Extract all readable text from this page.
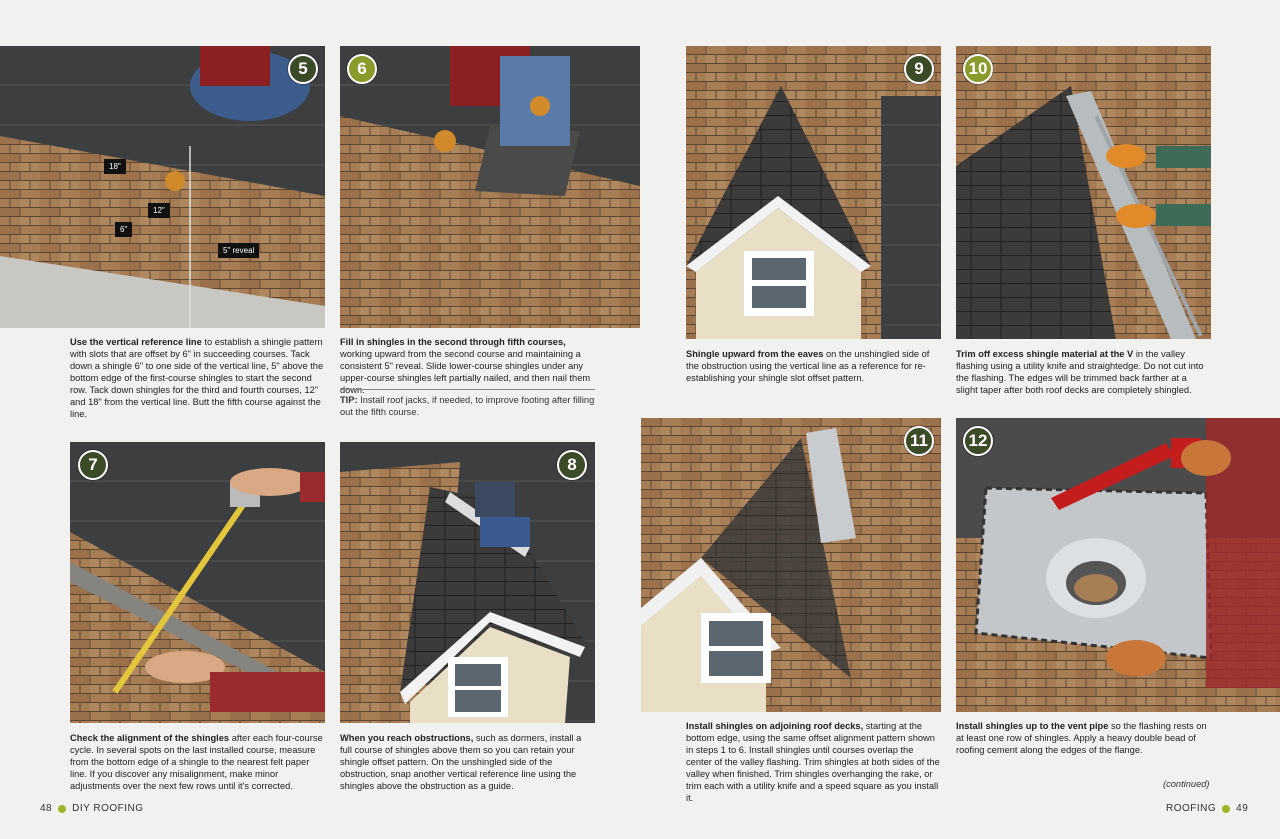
5
18"
12"
6"
5" reveal
6
Use the vertical reference line to establish a shingle pattern with slots that are offset by 6" in succeeding courses. Tack down a shingle 6" to one side of the vertical line, 5" above the bottom edge of the first-course shingles to start the second row. Tack down shingles for the third and fourth courses, 12" and 18" from the vertical line. Butt the fifth course against the line.
Fill in shingles in the second through fifth courses, working upward from the second course and maintaining a consistent 5" reveal. Slide lower-course shingles under any upper-course shingles left partially nailed, and then nail them down.
TIP: Install roof jacks, if needed, to improve footing after filling out the fifth course.
7	8
Check the alignment of the shingles after each four-course cycle. In several spots on the last installed course, measure from the bottom edge of a shingle to the nearest felt paper line. If you discover any misalignment, make minor adjustments over the next few rows until it's corrected.
When you reach obstructions, such as dormers, install a full course of shingles above them so you can retain your shingle offset pattern. On the unshingled side of the obstruction, snap another vertical reference line using the shingles above the obstruction as a guide.
9	10
Shingle upward from the eaves on the unshingled side of the obstruction using the vertical line as a reference for re-establishing your shingle slot offset pattern.
Trim off excess shingle material at the V in the valley flashing using a utility knife and straightedge. Do not cut into the flashing. The edges will be trimmed back farther at a slight taper after both roof decks are completely shingled.
11	12
Install shingles on adjoining roof decks, starting at the bottom edge, using the same offset alignment pattern shown in steps 1 to 6. Install shingles until courses overlap the center of the valley flashing. Trim shingles at both sides of the valley when finished. Trim shingles overhanging the rake, or trim each with a utility knife and a speed square as you install it.
Install shingles up to the vent pipe so the flashing rests on at least one row of shingles. Apply a heavy double bead of roofing cement along the edges of the flange.
(continued)
48 DIY ROOFING	ROOFING 49
